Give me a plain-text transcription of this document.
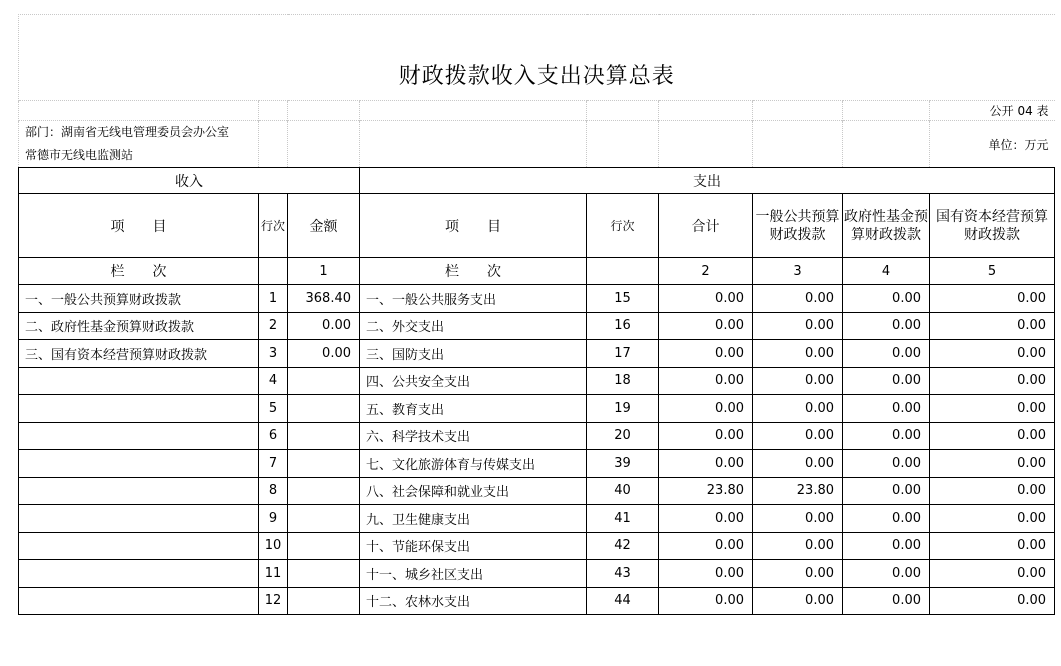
财政拨款收入支出决算总表								
								公开 04 表

部门：湖南省无线电管理委员会办公室
常德市无线电监测站								单位：万元
收入			支出					
项　　目	行次	金额	项　　目	行次	合计	一般公共预算财政拨款	政府性基金预算财政拨款	国有资本经营预算财政拨款
栏　　次		1	栏　　次		2	3	4	5
一、一般公共预算财政拨款	1	368.40	一、一般公共服务支出	15	0.00	0.00	0.00	0.00
二、政府性基金预算财政拨款	2	0.00	二、外交支出	16	0.00	0.00	0.00	0.00
三、国有资本经营预算财政拨款	3	0.00	三、国防支出	17	0.00	0.00	0.00	0.00
	4		四、公共安全支出	18	0.00	0.00	0.00	0.00
	5		五、教育支出	19	0.00	0.00	0.00	0.00
	6		六、科学技术支出	20	0.00	0.00	0.00	0.00
	7		七、文化旅游体育与传媒支出	39	0.00	0.00	0.00	0.00
	8		八、社会保障和就业支出	40	23.80	23.80	0.00	0.00
	9		九、卫生健康支出	41	0.00	0.00	0.00	0.00
	10		十、节能环保支出	42	0.00	0.00	0.00	0.00
	11		十一、城乡社区支出	43	0.00	0.00	0.00	0.00
	12		十二、农林水支出	44	0.00	0.00	0.00	0.00
